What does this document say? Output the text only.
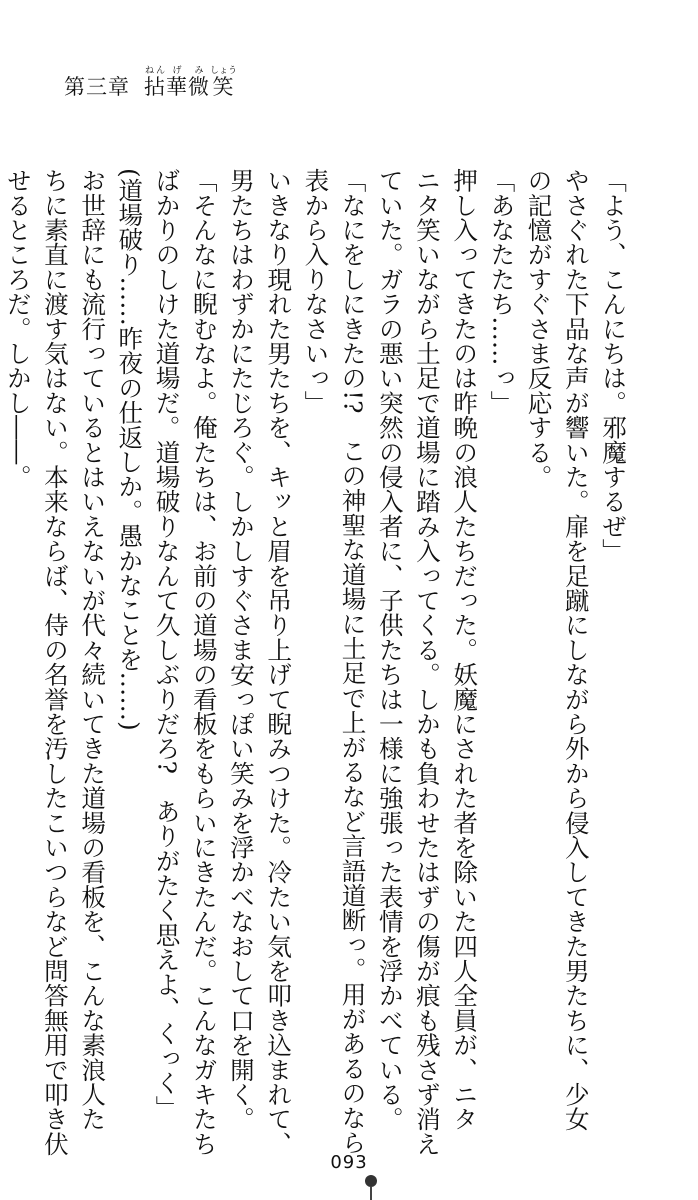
第三章 拈ねん華げ微み笑しょう

「よう、こんにちは。邪魔するぜ」

やさぐれた下品な声が響いた。扉を足蹴にしながら外から侵入してきた男たちに、少女

の記憶がすぐさま反応する。

「あなたたち……っ」

押し入ってきたのは昨晩の浪人たちだった。妖魔にされた者を除いた四人全員が、ニタ

ニタ笑いながら土足で道場に踏み入ってくる。しかも負わせたはずの傷が痕も残さず消え

ていた。ガラの悪い突然の侵入者に、子供たちは一様に強張った表情を浮かべている。

「なにをしにきたの!?　この神聖な道場に土足で上がるなど言語道断っ。用があるのなら

表から入りなさいっ」

いきなり現れた男たちを、キッと眉を吊り上げて睨みつけた。冷たい気を叩き込まれて、

男たちはわずかにたじろぐ。しかしすぐさま安っぽい笑みを浮かべなおして口を開く。

「そんなに睨むなよ。俺たちは、お前の道場の看板をもらいにきたんだ。こんなガキたち

ばかりのしけた道場だ。道場破りなんて久しぶりだろ?　ありがたく思えよ、くっく」

(道場破り……昨夜の仕返しか。愚かなことを……)

お世辞にも流行っているとはいえないが代々続いてきた道場の看板を、こんな素浪人た

ちに素直に渡す気はない。本来ならば、侍の名誉を汚したこいつらなど問答無用で叩き伏

せるところだ。しかし――。

093
